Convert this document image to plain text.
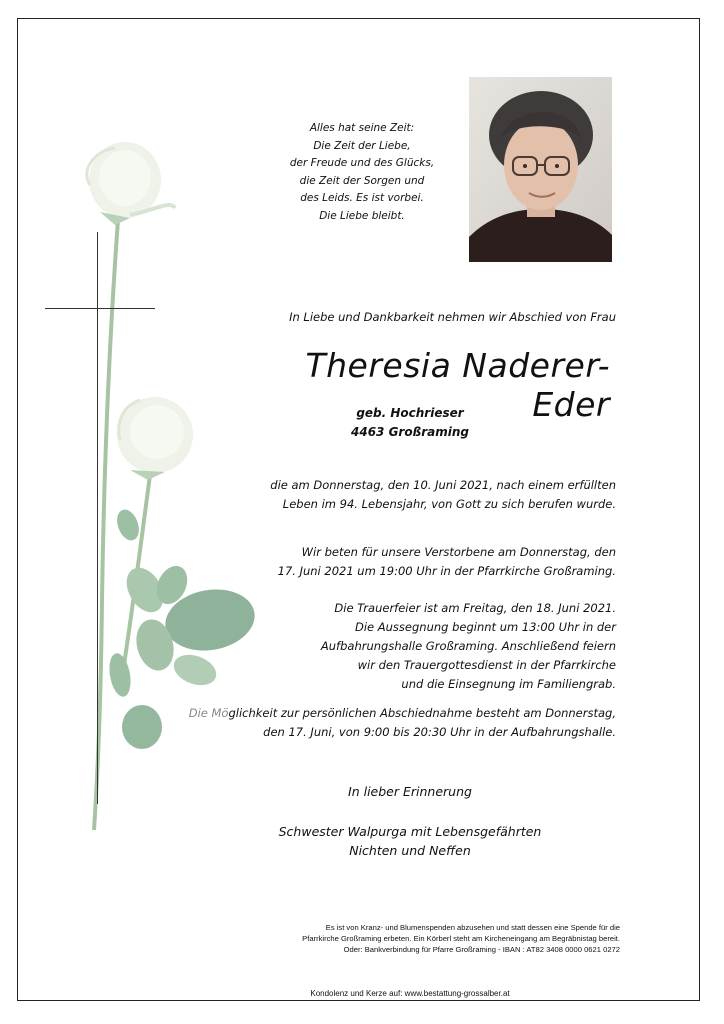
Alles hat seine Zeit:
Die Zeit der Liebe,
der Freude und des Glücks,
die Zeit der Sorgen und
des Leids. Es ist vorbei.
Die Liebe bleibt.
In Liebe und Dankbarkeit nehmen wir Abschied von Frau
Theresia Naderer-Eder
geb. Hochrieser
4463 Großraming
die am Donnerstag, den 10. Juni 2021, nach einem erfüllten
Leben im 94. Lebensjahr, von Gott zu sich berufen wurde.
Wir beten für unsere Verstorbene am Donnerstag, den
17. Juni 2021 um 19:00 Uhr in der Pfarrkirche Großraming.
Die Trauerfeier ist am Freitag, den 18. Juni 2021.
Die Aussegnung beginnt um 13:00 Uhr in der
Aufbahrungshalle Großraming. Anschließend feiern
wir den Trauergottesdienst in der Pfarrkirche
und die Einsegnung im Familiengrab.
Die Möglichkeit zur persönlichen Abschiednahme besteht am Donnerstag,
den 17. Juni, von 9:00 bis 20:30 Uhr in der Aufbahrungshalle.
In lieber Erinnerung
Schwester Walpurga mit Lebensgefährten
Nichten und Neffen
Es ist von Kranz- und Blumenspenden abzusehen und statt dessen eine Spende für die
Pfarrkirche Großraming erbeten. Ein Körberl steht am Kircheneingang am Begräbnistag bereit.
Oder: Bankverbindung für Pfarre Großraming - IBAN : AT82 3408 0000 0621 0272
Kondolenz und Kerze auf: www.bestattung-grossalber.at
